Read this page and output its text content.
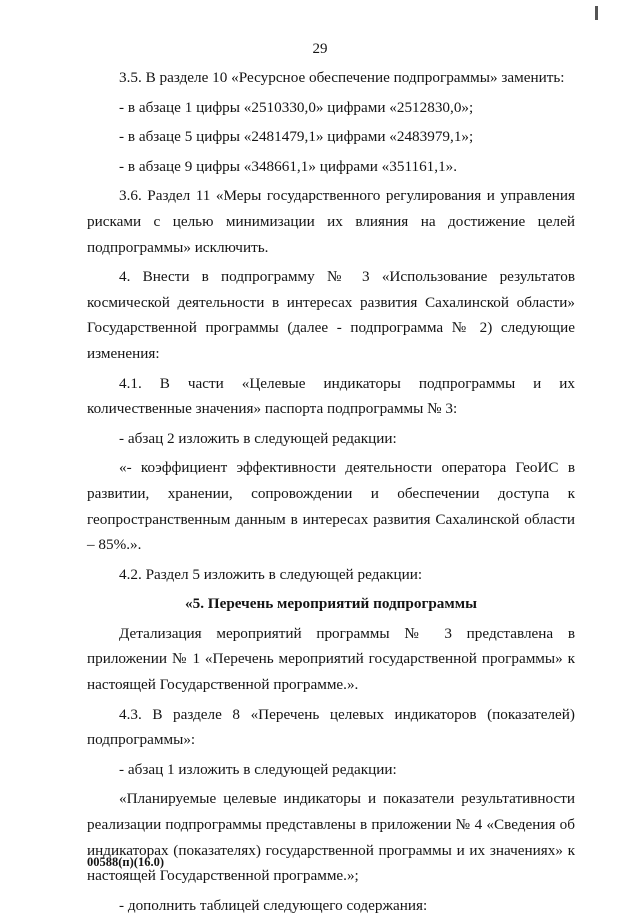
29

3.5. В разделе 10 «Ресурсное обеспечение подпрограммы» заменить:

- в абзаце 1 цифры «2510330,0» цифрами «2512830,0»;

- в абзаце 5 цифры «2481479,1» цифрами «2483979,1»;

- в абзаце 9 цифры «348661,1» цифрами «351161,1».

3.6. Раздел 11 «Меры государственного регулирования и управления рисками с целью минимизации их влияния на достижение целей подпрограммы» исключить.

4. Внести в подпрограмму № 3 «Использование результатов космической деятельности в интересах развития Сахалинской области» Государственной программы (далее - подпрограмма № 2) следующие изменения:

4.1. В части «Целевые индикаторы подпрограммы и их количественные значения» паспорта подпрограммы № 3:

- абзац 2 изложить в следующей редакции:

«- коэффициент эффективности деятельности оператора ГеоИС в развитии, хранении, сопровождении и обеспечении доступа к геопространственным данным в интересах развития Сахалинской области – 85%.».

4.2. Раздел 5 изложить в следующей редакции:

«5. Перечень мероприятий подпрограммы

Детализация мероприятий программы № 3 представлена в приложении № 1 «Перечень мероприятий государственной программы» к настоящей Государственной программе.».

4.3. В разделе 8 «Перечень целевых индикаторов (показателей) подпрограммы»:

- абзац 1 изложить в следующей редакции:

«Планируемые целевые индикаторы и показатели результативности реализации подпрограммы представлены в приложении № 4 «Сведения об индикаторах (показателях) государственной программы и их значениях» к настоящей Государственной программе.»;

- дополнить таблицей следующего содержания:

00588(п)(16.0)
